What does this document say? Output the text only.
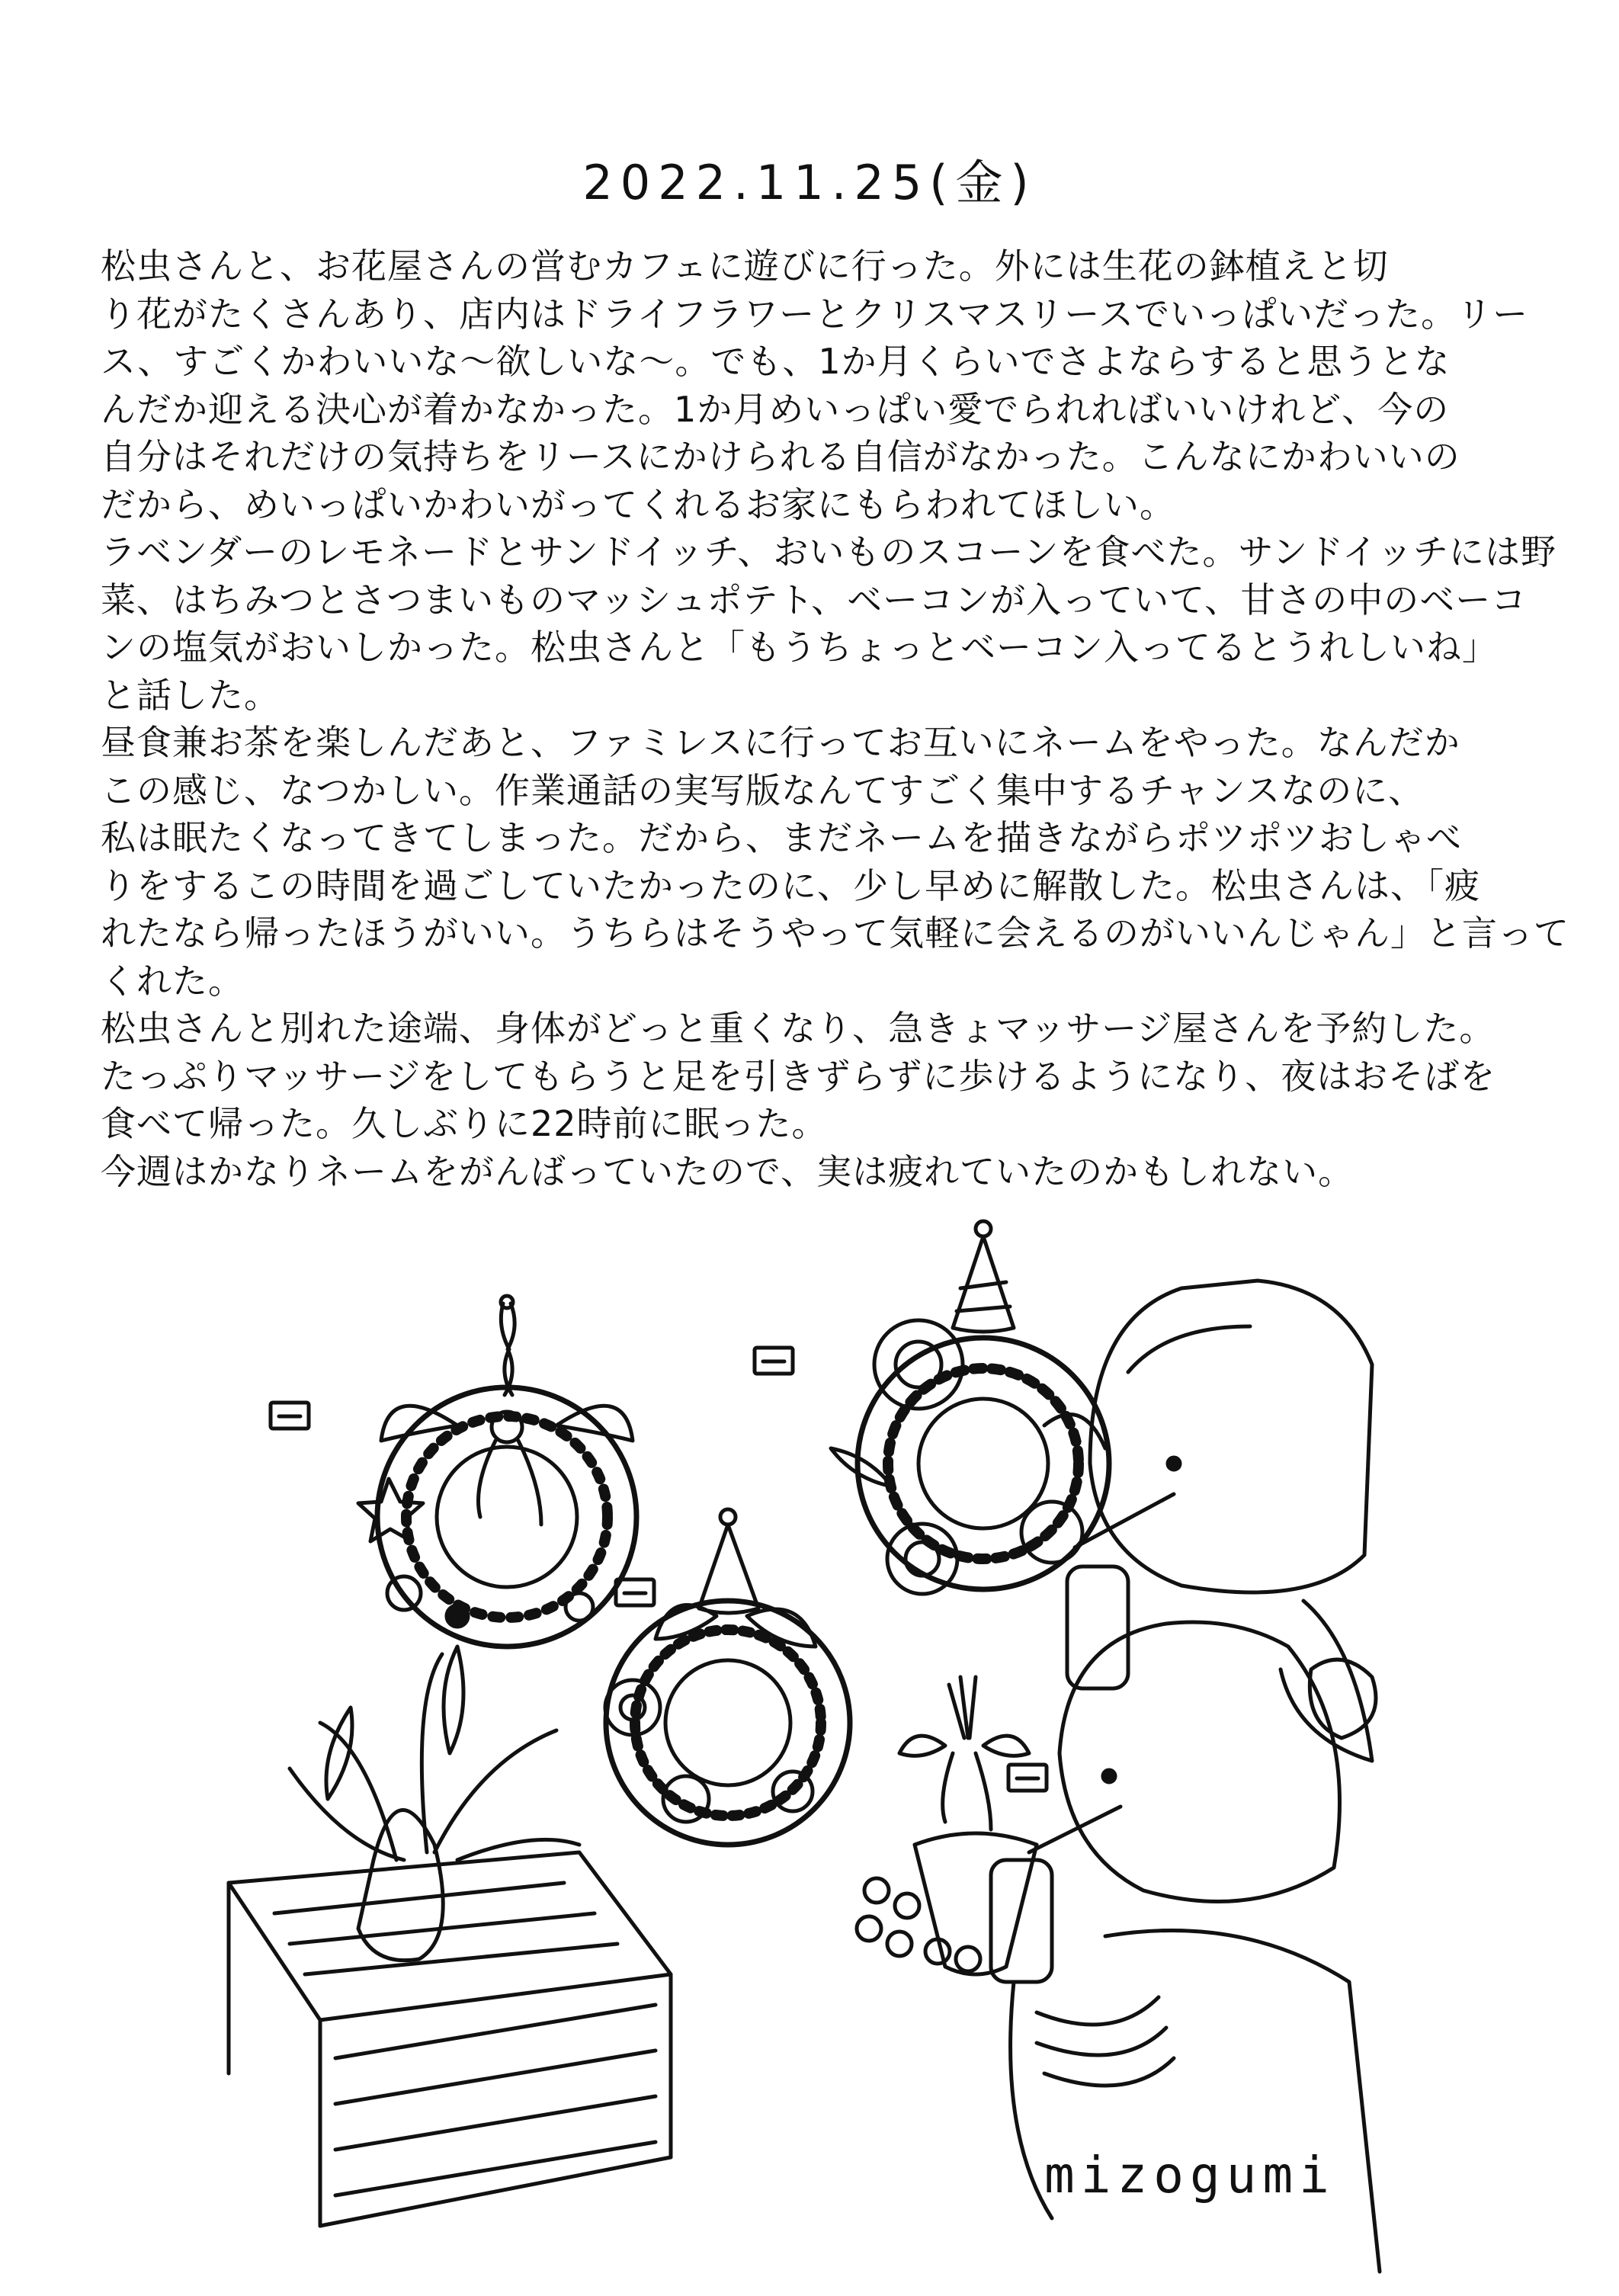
2022.11.25(金)
松虫さんと、お花屋さんの営むカフェに遊びに行った。外には生花の鉢植えと切
り花がたくさんあり、店内はドライフラワーとクリスマスリースでいっぱいだった。リー
ス、すごくかわいいな〜欲しいな〜。でも、1か月くらいでさよならすると思うとな
んだか迎える決心が着かなかった。1か月めいっぱい愛でられればいいけれど、今の
自分はそれだけの気持ちをリースにかけられる自信がなかった。こんなにかわいいの
だから、めいっぱいかわいがってくれるお家にもらわれてほしい。
ラベンダーのレモネードとサンドイッチ、おいものスコーンを食べた。サンドイッチには野
菜、はちみつとさつまいものマッシュポテト、ベーコンが入っていて、甘さの中のベーコ
ンの塩気がおいしかった。松虫さんと「もうちょっとベーコン入ってるとうれしいね」
と話した。
昼食兼お茶を楽しんだあと、ファミレスに行ってお互いにネームをやった。なんだか
この感じ、なつかしい。作業通話の実写版なんてすごく集中するチャンスなのに、
私は眠たくなってきてしまった。だから、まだネームを描きながらポツポツおしゃべ
りをするこの時間を過ごしていたかったのに、少し早めに解散した。松虫さんは、「疲
れたなら帰ったほうがいい。うちらはそうやって気軽に会えるのがいいんじゃん」と言って
くれた。
松虫さんと別れた途端、身体がどっと重くなり、急きょマッサージ屋さんを予約した。
たっぷりマッサージをしてもらうと足を引きずらずに歩けるようになり、夜はおそばを
食べて帰った。久しぶりに22時前に眠った。
今週はかなりネームをがんばっていたので、実は疲れていたのかもしれない。
mizogumi
